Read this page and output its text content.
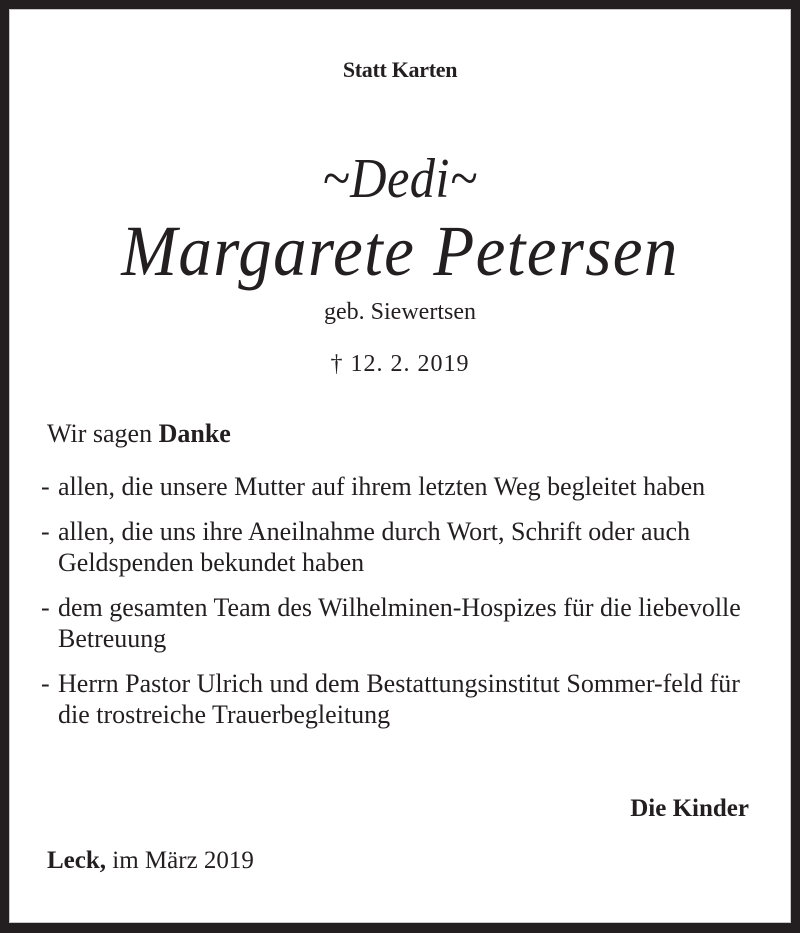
Statt Karten

~Dedi~

Margarete Petersen

geb. Siewertsen

† 12. 2. 2019

Wir sagen Danke

- allen, die unsere Mutter auf ihrem letzten Weg begleitet haben
- allen, die uns ihre Aneilnahme durch Wort, Schrift oder auch Geldspenden bekundet haben
- dem gesamten Team des Wilhelminen-Hospizes für die liebevolle Betreuung
- Herrn Pastor Ulrich und dem Bestattungsinstitut Sommer-feld für die trostreiche Trauerbegleitung

Die Kinder

Leck, im März 2019
